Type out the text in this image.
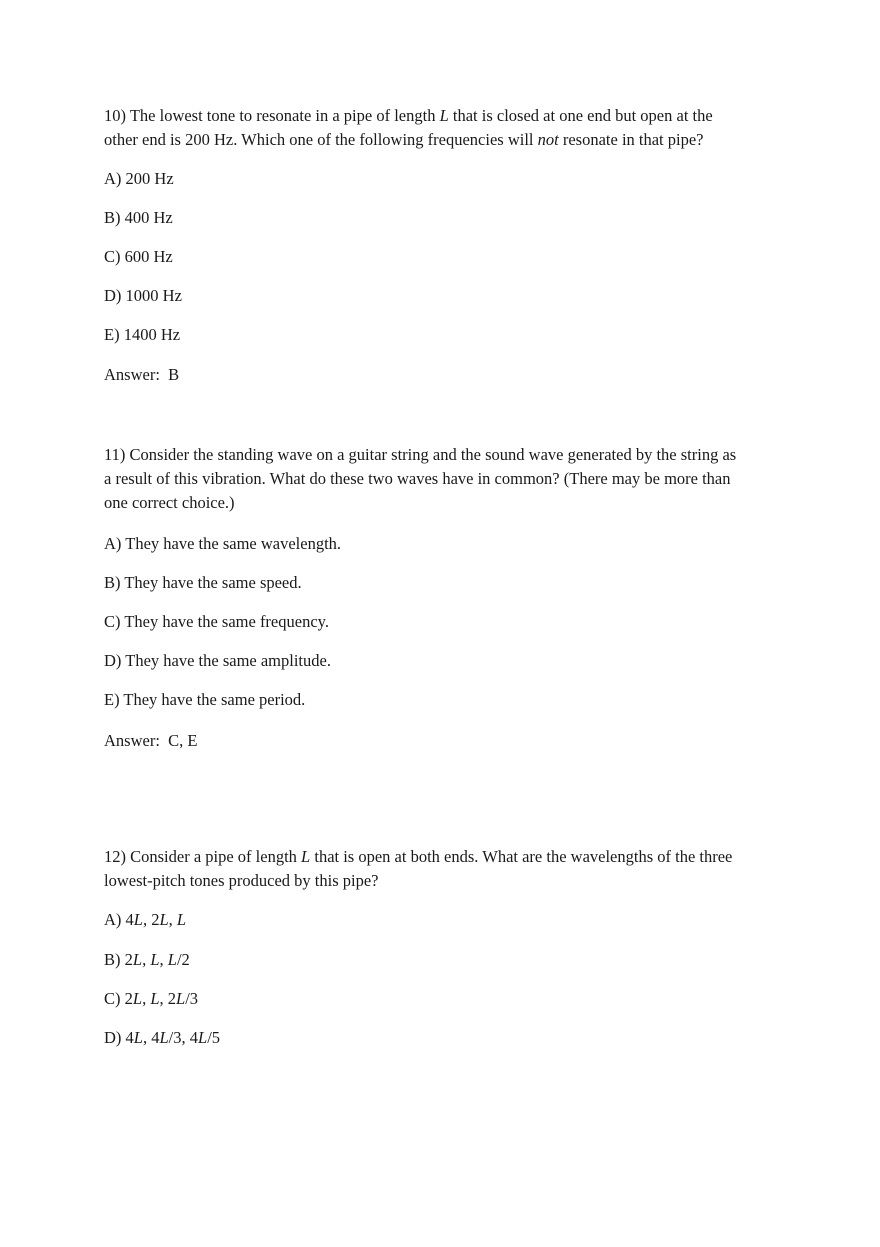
10) The lowest tone to resonate in a pipe of length L that is closed at one end but open at the
other end is 200 Hz. Which one of the following frequencies will not resonate in that pipe?
A) 200 Hz
B) 400 Hz
C) 600 Hz
D) 1000 Hz
E) 1400 Hz
Answer: B
11) Consider the standing wave on a guitar string and the sound wave generated by the string as
a result of this vibration. What do these two waves have in common? (There may be more than
one correct choice.)
A) They have the same wavelength.
B) They have the same speed.
C) They have the same frequency.
D) They have the same amplitude.
E) They have the same period.
Answer: C, E
12) Consider a pipe of length L that is open at both ends. What are the wavelengths of the three
lowest-pitch tones produced by this pipe?
A) 4L, 2L, L
B) 2L, L, L/2
C) 2L, L, 2L/3
D) 4L, 4L/3, 4L/5
